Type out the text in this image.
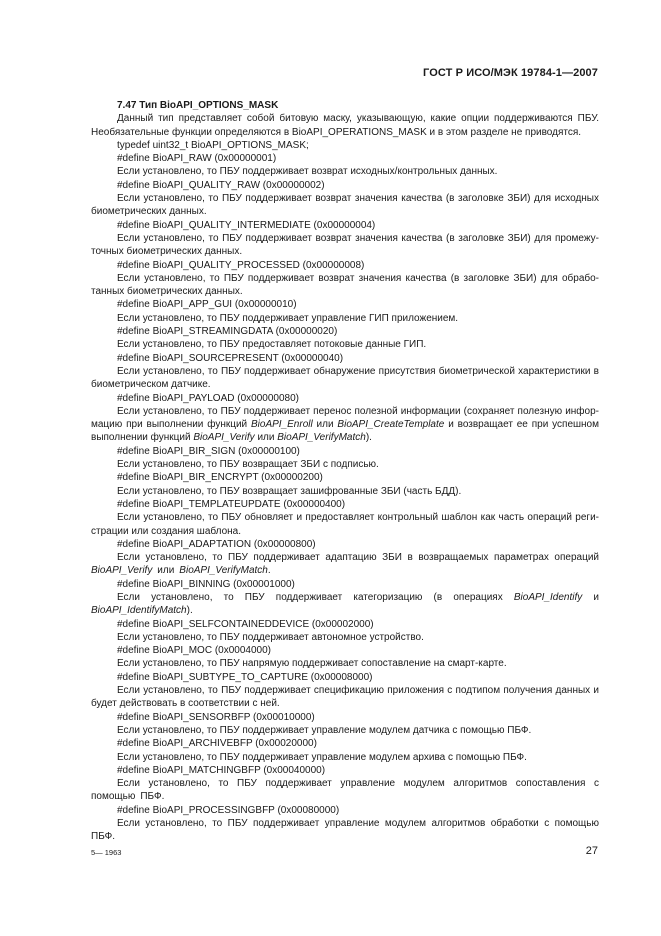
ГОСТ Р ИСО/МЭК 19784-1—2007

7.47 Тип BioAPI_OPTIONS_MASK

Данный тип представляет собой битовую маску, указывающую, какие опции поддерживаются ПБУ. Необязательные функции определяются в BioAPI_OPERATIONS_MASK и в этом разделе не приводятся.

typedef uint32_t BioAPI_OPTIONS_MASK;

#define BioAPI_RAW (0x00000001)

Если установлено, то ПБУ поддерживает возврат исходных/контрольных данных.

#define BioAPI_QUALITY_RAW (0x00000002)

Если установлено, то ПБУ поддерживает возврат значения качества (в заголовке ЗБИ) для исходных биометрических данных.

#define BioAPI_QUALITY_INTERMEDIATE (0x00000004)

Если установлено, то ПБУ поддерживает возврат значения качества (в заголовке ЗБИ) для промежу-точных биометрических данных.

#define BioAPI_QUALITY_PROCESSED (0x00000008)

Если установлено, то ПБУ поддерживает возврат значения качества (в заголовке ЗБИ) для обрабо-танных биометрических данных.

#define BioAPI_APP_GUI (0x00000010)

Если установлено, то ПБУ поддерживает управление ГИП приложением.

#define BioAPI_STREAMINGDATA (0x00000020)

Если установлено, то ПБУ предоставляет потоковые данные ГИП.

#define BioAPI_SOURCEPRESENT (0x00000040)

Если установлено, то ПБУ поддерживает обнаружение присутствия биометрической характеристики в биометрическом датчике.

#define BioAPI_PAYLOAD (0x00000080)

Если установлено, то ПБУ поддерживает перенос полезной информации (сохраняет полезную инфор-мацию при выполнении функций BioAPI_Enroll или BioAPI_CreateTemplate и возвращает ее при успешном выполнении функций BioAPI_Verify или BioAPI_VerifyMatch).

#define BioAPI_BIR_SIGN (0x00000100)

Если установлено, то ПБУ возвращает ЗБИ с подписью.

#define BioAPI_BIR_ENCRYPT (0x00000200)

Если установлено, то ПБУ возвращает зашифрованные ЗБИ (часть БДД).

#define BioAPI_TEMPLATEUPDATE (0x00000400)

Если установлено, то ПБУ обновляет и предоставляет контрольный шаблон как часть операций реги-страции или создания шаблона.

#define BioAPI_ADAPTATION (0x00000800)

Если установлено, то ПБУ поддерживает адаптацию ЗБИ в возвращаемых параметрах операций BioAPI_Verify или BioAPI_VerifyMatch.

#define BioAPI_BINNING (0x00001000)

Если установлено, то ПБУ поддерживает категоризацию (в операциях BioAPI_Identify и BioAPI_IdentifyMatch).

#define BioAPI_SELFCONTAINEDDEVICE (0x00002000)

Если установлено, то ПБУ поддерживает автономное устройство.

#define BioAPI_MOC (0x0004000)

Если установлено, то ПБУ напрямую поддерживает сопоставление на смарт-карте.

#define BioAPI_SUBTYPE_TO_CAPTURE (0x00008000)

Если установлено, то ПБУ поддерживает спецификацию приложения с подтипом получения данных и будет действовать в соответствии с ней.

#define BioAPI_SENSORBFP (0x00010000)

Если установлено, то ПБУ поддерживает управление модулем датчика с помощью ПБФ.

#define BioAPI_ARCHIVEBFP (0x00020000)

Если установлено, то ПБУ поддерживает управление модулем архива с помощью ПБФ.

#define BioAPI_MATCHINGBFP (0x00040000)

Если установлено, то ПБУ поддерживает управление модулем алгоритмов сопоставления с помощью ПБФ.

#define BioAPI_PROCESSINGBFP (0x00080000)

Если установлено, то ПБУ поддерживает управление модулем алгоритмов обработки с помощью ПБФ.

5— 1963	27
